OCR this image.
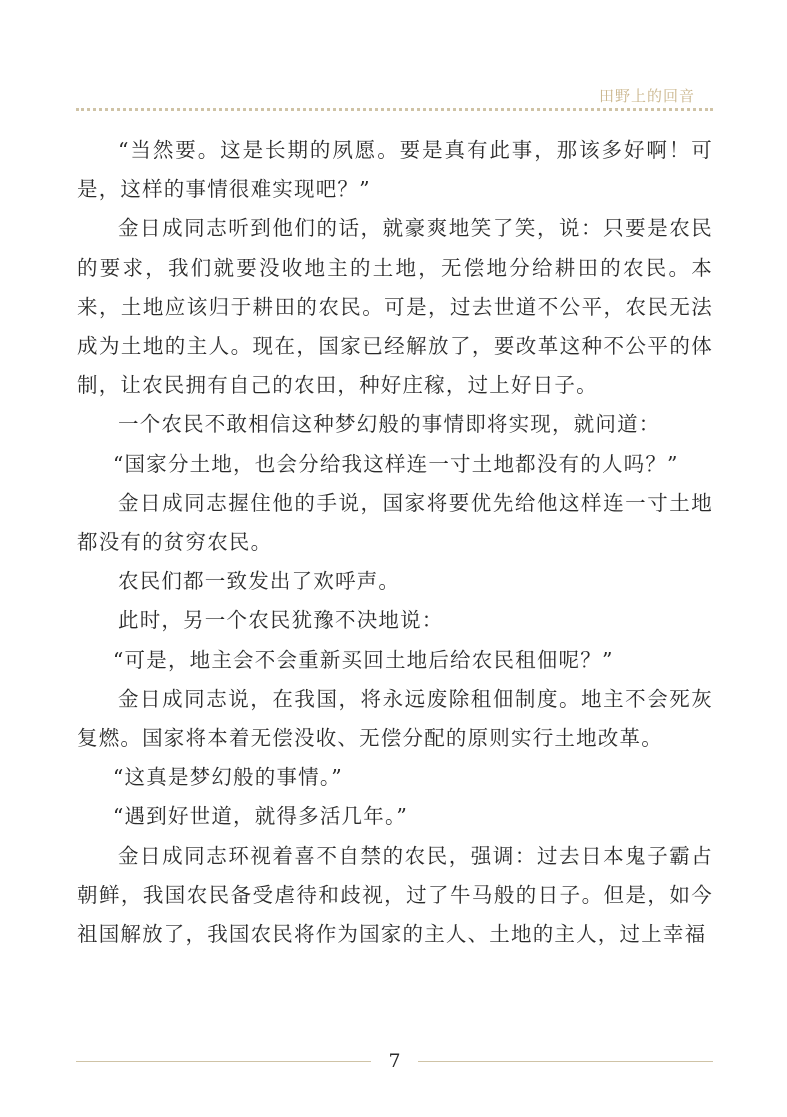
田野上的回音

“当然要。这是长期的夙愿。要是真有此事，那该多好啊！可是，这样的事情很难实现吧？”

金日成同志听到他们的话，就豪爽地笑了笑，说：只要是农民的要求，我们就要没收地主的土地，无偿地分给耕田的农民。本来，土地应该归于耕田的农民。可是，过去世道不公平，农民无法成为土地的主人。现在，国家已经解放了，要改革这种不公平的体制，让农民拥有自己的农田，种好庄稼，过上好日子。

一个农民不敢相信这种梦幻般的事情即将实现，就问道：

“国家分土地，也会分给我这样连一寸土地都没有的人吗？”

金日成同志握住他的手说，国家将要优先给他这样连一寸土地都没有的贫穷农民。

农民们都一致发出了欢呼声。

此时，另一个农民犹豫不决地说：

“可是，地主会不会重新买回土地后给农民租佃呢？”

金日成同志说，在我国，将永远废除租佃制度。地主不会死灰复燃。国家将本着无偿没收、无偿分配的原则实行土地改革。

“这真是梦幻般的事情。”

“遇到好世道，就得多活几年。”

金日成同志环视着喜不自禁的农民，强调：过去日本鬼子霸占朝鲜，我国农民备受虐待和歧视，过了牛马般的日子。但是，如今祖国解放了，我国农民将作为国家的主人、土地的主人，过上幸福

7
